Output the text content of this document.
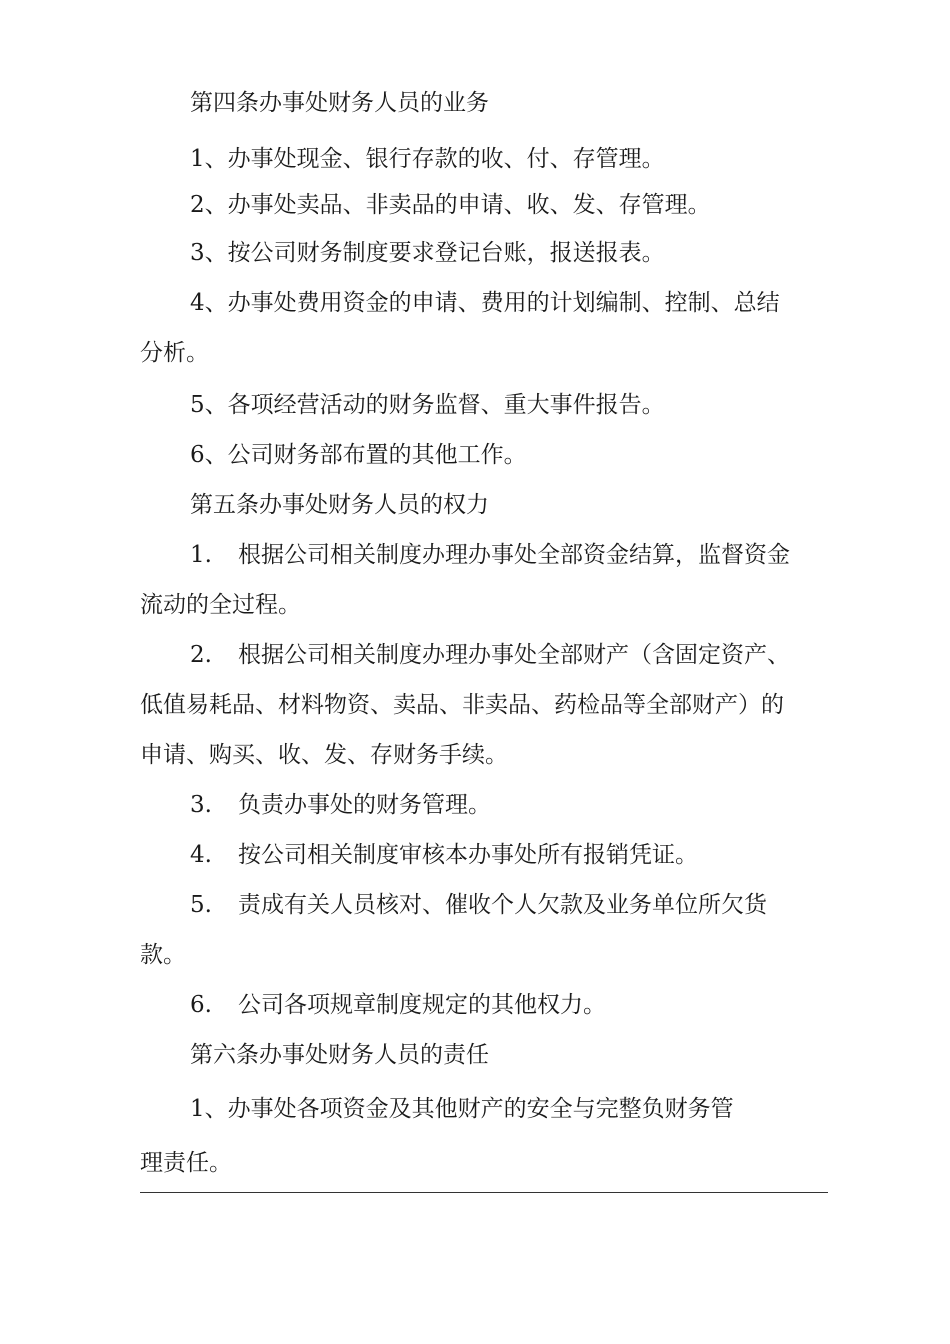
第四条办事处财务人员的业务
1、办事处现金、银行存款的收、付、存管理。
2、办事处卖品、非卖品的申请、收、发、存管理。
3、按公司财务制度要求登记台账，报送报表。
4、办事处费用资金的申请、费用的计划编制、控制、总结
分析。
5、各项经营活动的财务监督、重大事件报告。
6、公司财务部布置的其他工作。
第五条办事处财务人员的权力
1. 根据公司相关制度办理办事处全部资金结算，监督资金
流动的全过程。
2. 根据公司相关制度办理办事处全部财产（含固定资产、
低值易耗品、材料物资、卖品、非卖品、药检品等全部财产）的
申请、购买、收、发、存财务手续。
3. 负责办事处的财务管理。
4. 按公司相关制度审核本办事处所有报销凭证。
5. 责成有关人员核对、催收个人欠款及业务单位所欠货
款。
6. 公司各项规章制度规定的其他权力。
第六条办事处财务人员的责任
1、办事处各项资金及其他财产的安全与完整负财务管
理责任。
